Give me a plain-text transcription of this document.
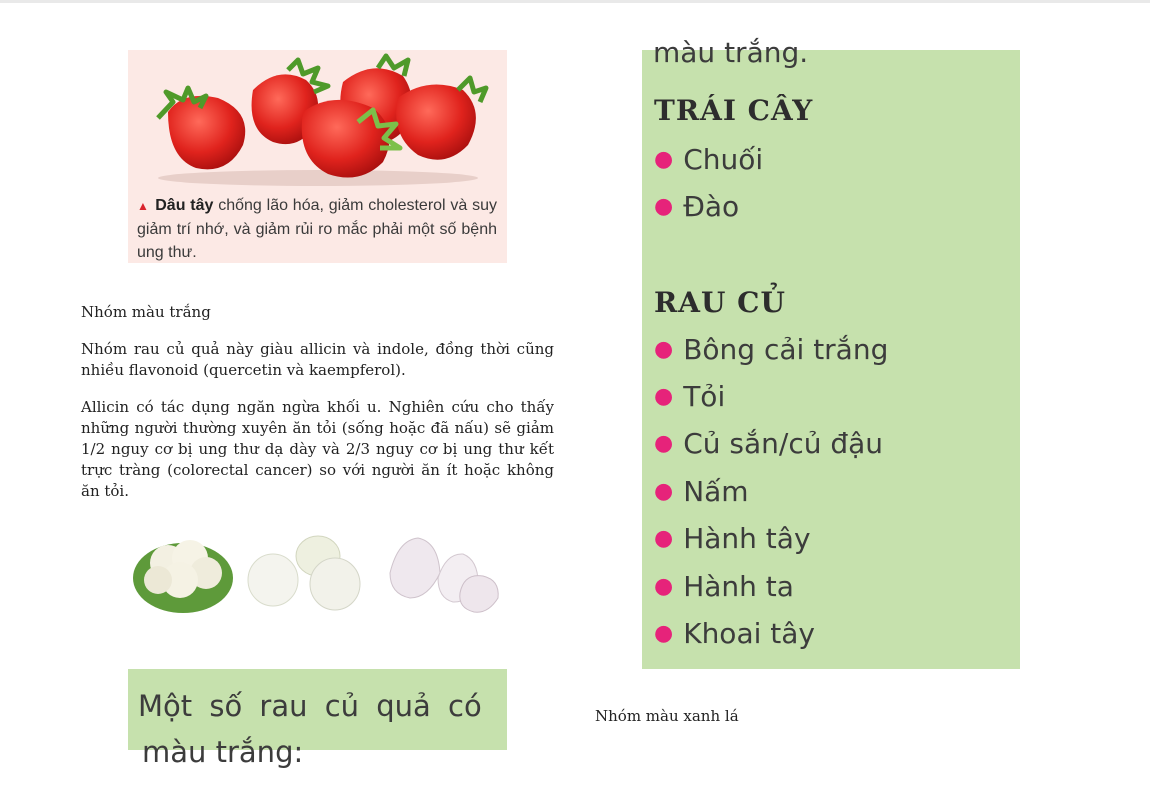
▲ Dâu tây chống lão hóa, giảm cholesterol và suy giảm trí nhớ, và giảm rủi ro mắc phải một số bệnh ung thư.
Nhóm màu trắng
Nhóm rau củ quả này giàu allicin và indole, đồng thời cũng nhiều flavonoid (quercetin và kaempferol).
Allicin có tác dụng ngăn ngừa khối u. Nghiên cứu cho thấy những người thường xuyên ăn tỏi (sống hoặc đã nấu) sẽ giảm 1/2 nguy cơ bị ung thư dạ dày và 2/3 nguy cơ bị ung thư kết trực tràng (colorectal cancer) so với người ăn ít hoặc không ăn tỏi.
Một số rau củ quả có
màu trắng:
màu trắng.
TRÁI CÂY
● Chuối
● Đào
RAU CỦ
● Bông cải trắng
● Tỏi
● Củ sắn/củ đậu
● Nấm
● Hành tây
● Hành ta
● Khoai tây
Nhóm màu xanh lá
